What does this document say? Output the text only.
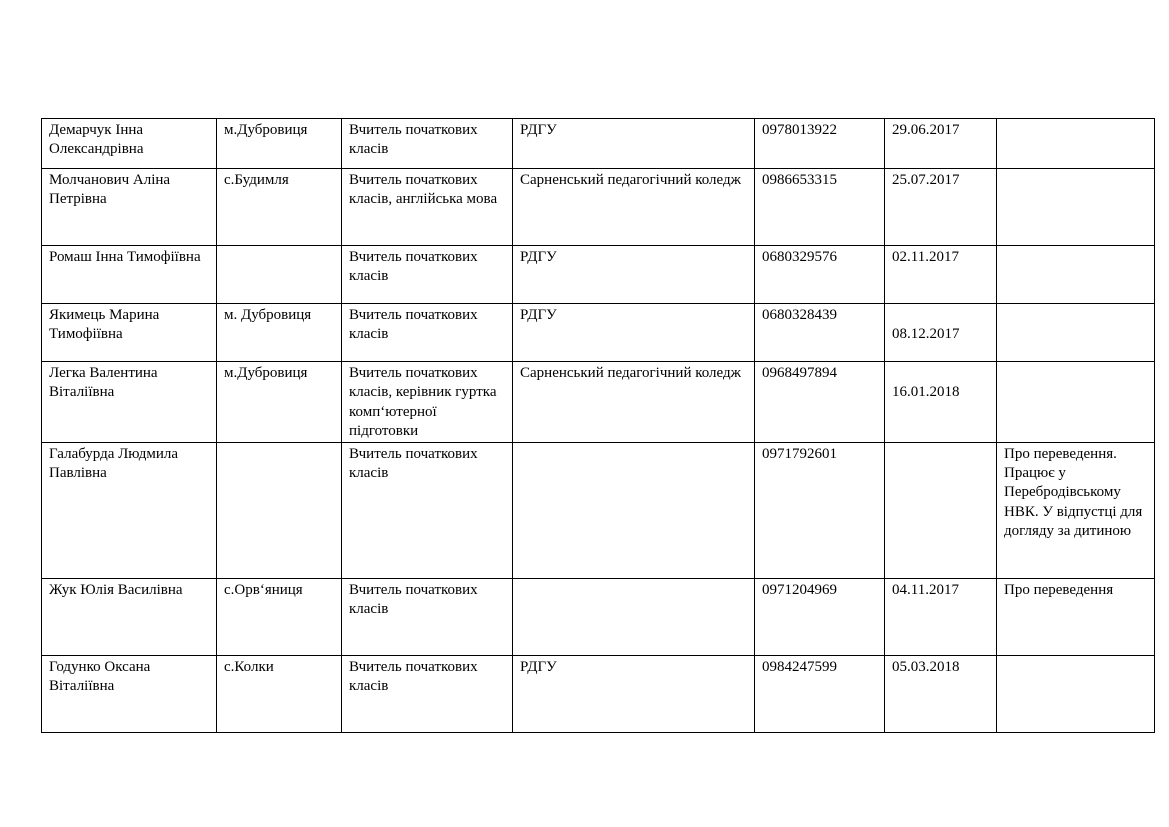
Демарчук Інна Олександрівна	м.Дубровиця	Вчитель початкових класів	РДГУ	0978013922	29.06.2017	
Молчанович Аліна Петрівна	с.Будимля	Вчитель початкових класів, англійська мова	Сарненський педагогічний коледж	0986653315	25.07.2017	
Ромаш Інна Тимофіївна		Вчитель початкових класів	РДГУ	0680329576	02.11.2017	
Якимець Марина Тимофіївна	м. Дубровиця	Вчитель початкових класів	РДГУ	0680328439	08.12.2017	
Легка Валентина Віталіївна	м.Дубровиця	Вчитель початкових класів, керівник гуртка комп‘ютерної підготовки	Сарненський педагогічний коледж	0968497894	16.01.2018	
Галабурда Людмила Павлівна		Вчитель початкових класів		0971792601		Про переведення. Працює у Перебродівському НВК. У відпустці для догляду за дитиною
Жук Юлія Василівна	с.Орв‘яниця	Вчитель початкових класів		0971204969	04.11.2017	Про переведення
Годунко Оксана Віталіївна	с.Колки	Вчитель початкових класів	РДГУ	0984247599	05.03.2018	
